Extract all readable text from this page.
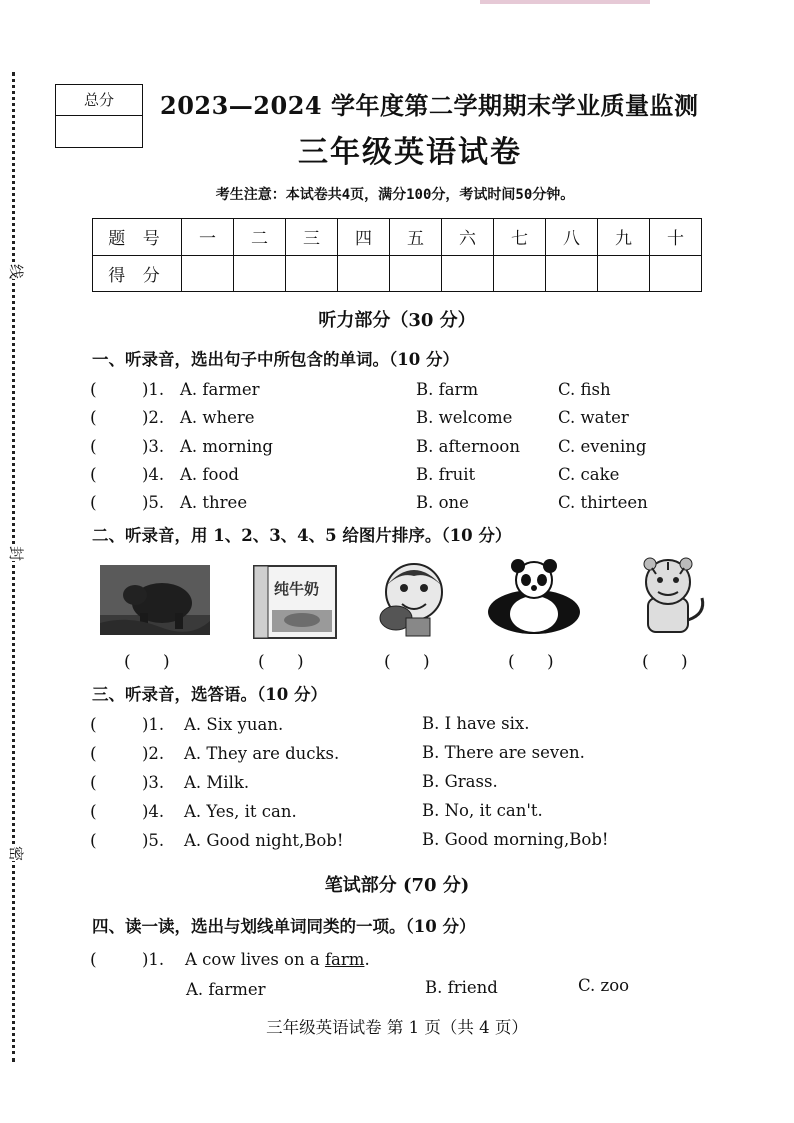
线
封
密
总分	2023—2024 学年度第二学期期末学业质量监测
三年级英语试卷
考生注意：本试卷共4页，满分100分，考试时间50分钟。
题 号	一	二	三	四	五	六	七	八	九	十
得 分										
听力部分（30 分）
一、听录音，选出句子中所包含的单词。（10 分）
(	)1. A. farmer	B. farm	C. fish
(	)2. A. where	B. welcome	C. water
(	)3. A. morning	B. afternoon C. evening
(	)4. A. food	B. fruit	C. cake
(	)5. A. three	B. one	C. thirteen
二、听录音，用 1、2、3、4、5 给图片排序。（10 分）
纯牛奶
(      )	(      )	(      )	(      )	(      )
三、听录音，选答语。（10 分）
(	)1. A. Six yuan.	B. I have six.
(	)2. A. They are ducks.	B. There are seven.
(	)3. A. Milk.	B. Grass.
(	)4. A. Yes, it can.	B. No, it can't.
(	)5. A. Good night,Bob!	B. Good morning,Bob!
笔试部分 (70 分)
四、读一读，选出与划线单词同类的一项。（10 分）
(	)1. A cow lives on a farm.
A. farmer	B. friend	C. zoo
三年级英语试卷 第 1 页（共 4 页）
